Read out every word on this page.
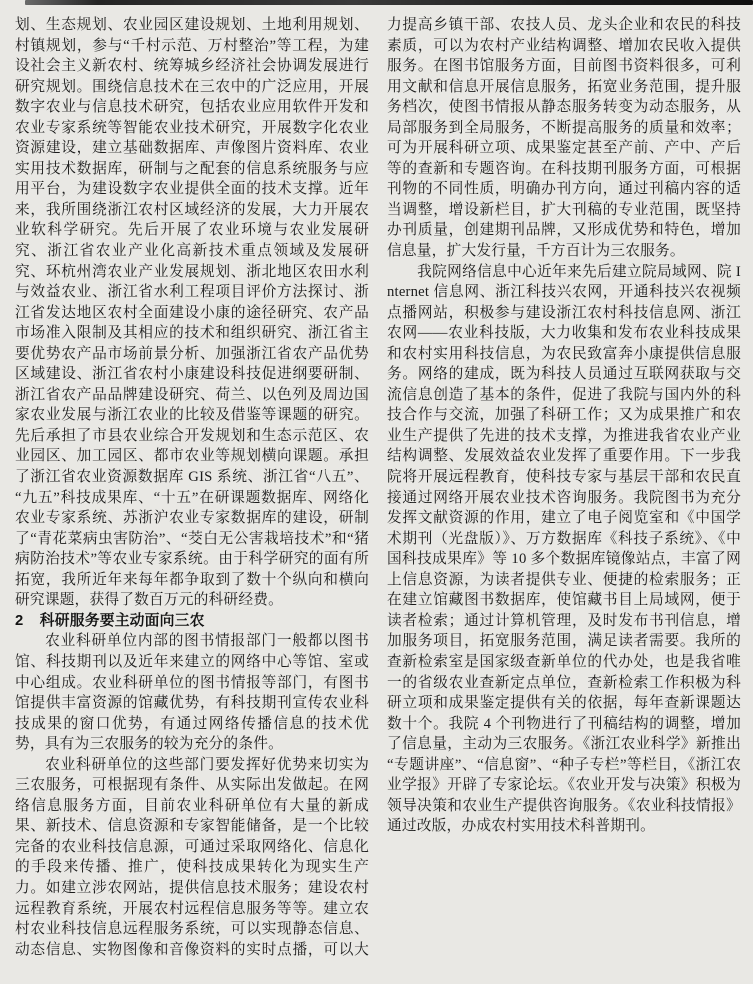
划、生态规划、农业园区建设规划、土地利用规划、村镇规划，参与“千村示范、万村整治”等工程，为建设社会主义新农村、统筹城乡经济社会协调发展进行研究规划。围绕信息技术在三农中的广泛应用，开展数字农业与信息技术研究，包括农业应用软件开发和农业专家系统等智能农业技术研究，开展数字化农业资源建设，建立基础数据库、声像图片资料库、农业实用技术数据库，研制与之配套的信息系统服务与应用平台，为建设数字农业提供全面的技术支撑。近年来，我所围绕浙江农村区域经济的发展，大力开展农业软科学研究。先后开展了农业环境与农业发展研究、浙江省农业产业化高新技术重点领域及发展研究、环杭州湾农业产业发展规划、浙北地区农田水利与效益农业、浙江省水利工程项目评价方法探讨、浙江省发达地区农村全面建设小康的途径研究、农产品市场准入限制及其相应的技术和组织研究、浙江省主要优势农产品市场前景分析、加强浙江省农产品优势区域建设、浙江省农村小康建设科技促进纲要研制、浙江省农产品品牌建设研究、荷兰、以色列及周边国家农业发展与浙江农业的比较及借鉴等课题的研究。先后承担了市县农业综合开发规划和生态示范区、农业园区、加工园区、都市农业等规划横向课题。承担了浙江省农业资源数据库 GIS 系统、浙江省“八五”、“九五”科技成果库、“十五”在研课题数据库、网络化农业专家系统、苏浙沪农业专家数据库的建设，研制了“青花菜病虫害防治”、“茭白无公害栽培技术”和“猪病防治技术”等农业专家系统。由于科学研究的面有所拓宽，我所近年来每年都争取到了数十个纵向和横向研究课题，获得了数百万元的科研经费。

2 科研服务要主动面向三农

农业科研单位内部的图书情报部门一般都以图书馆、科技期刊以及近年来建立的网络中心等馆、室或中心组成。农业科研单位的图书情报等部门，有图书馆提供丰富资源的馆藏优势，有科技期刊宣传农业科技成果的窗口优势，有通过网络传播信息的技术优势，具有为三农服务的较为充分的条件。

农业科研单位的这些部门要发挥好优势来切实为三农服务，可根据现有条件、从实际出发做起。在网络信息服务方面，目前农业科研单位有大量的新成果、新技术、信息资源和专家智能储备，是一个比较完备的农业科技信息源，可通过采取网络化、信息化的手段来传播、推广，使科技成果转化为现实生产力。如建立涉农网站，提供信息技术服务；建设农村远程教育系统，开展农村远程信息服务等等。建立农村农业科技信息远程服务系统，可以实现静态信息、动态信息、实物图像和音像资料的实时点播，可以大力提高乡镇干部、农技人员、龙头企业和农民的科技素质，可以为农村产业结构调整、增加农民收入提供服务。在图书馆服务方面，目前图书资料很多，可利用文献和信息开展信息服务，拓宽业务范围，提升服务档次，使图书情报从静态服务转变为动态服务，从局部服务到全局服务，不断提高服务的质量和效率；可为开展科研立项、成果鉴定甚至产前、产中、产后等的查新和专题咨询。在科技期刊服务方面，可根据刊物的不同性质，明确办刊方向，通过刊稿内容的适当调整，增设新栏目，扩大刊稿的专业范围，既坚持办刊质量，创建期刊品牌，又形成优势和特色，增加信息量，扩大发行量，千方百计为三农服务。

我院网络信息中心近年来先后建立院局域网、院 Internet 信息网、浙江科技兴农网，开通科技兴农视频点播网站，积极参与建设浙江农村科技信息网、浙江农网——农业科技版，大力收集和发布农业科技成果和农村实用科技信息，为农民致富奔小康提供信息服务。网络的建成，既为科技人员通过互联网获取与交流信息创造了基本的条件，促进了我院与国内外的科技合作与交流，加强了科研工作；又为成果推广和农业生产提供了先进的技术支撑，为推进我省农业产业结构调整、发展效益农业发挥了重要作用。下一步我院将开展远程教育，使科技专家与基层干部和农民直接通过网络开展农业技术咨询服务。我院图书为充分发挥文献资源的作用，建立了电子阅览室和《中国学术期刊（光盘版）》、万方数据库《科技子系统》、《中国科技成果库》等 10 多个数据库镜像站点，丰富了网上信息资源，为读者提供专业、便捷的检索服务；正在建立馆藏图书数据库，使馆藏书目上局域网，便于读者检索；通过计算机管理，及时发布书刊信息，增加服务项目，拓宽服务范围，满足读者需要。我所的查新检索室是国家级查新单位的代办处，也是我省唯一的省级农业查新定点单位，查新检索工作积极为科研立项和成果鉴定提供有关的依据，每年查新课题达数十个。我院 4 个刊物进行了刊稿结构的调整，增加了信息量，主动为三农服务。《浙江农业科学》新推出“专题讲座”、“信息窗”、“种子专栏”等栏目，《浙江农业学报》开辟了专家论坛。《农业开发与决策》积极为领导决策和农业生产提供咨询服务。《农业科技情报》通过改版，办成农村实用技术科普期刊。
